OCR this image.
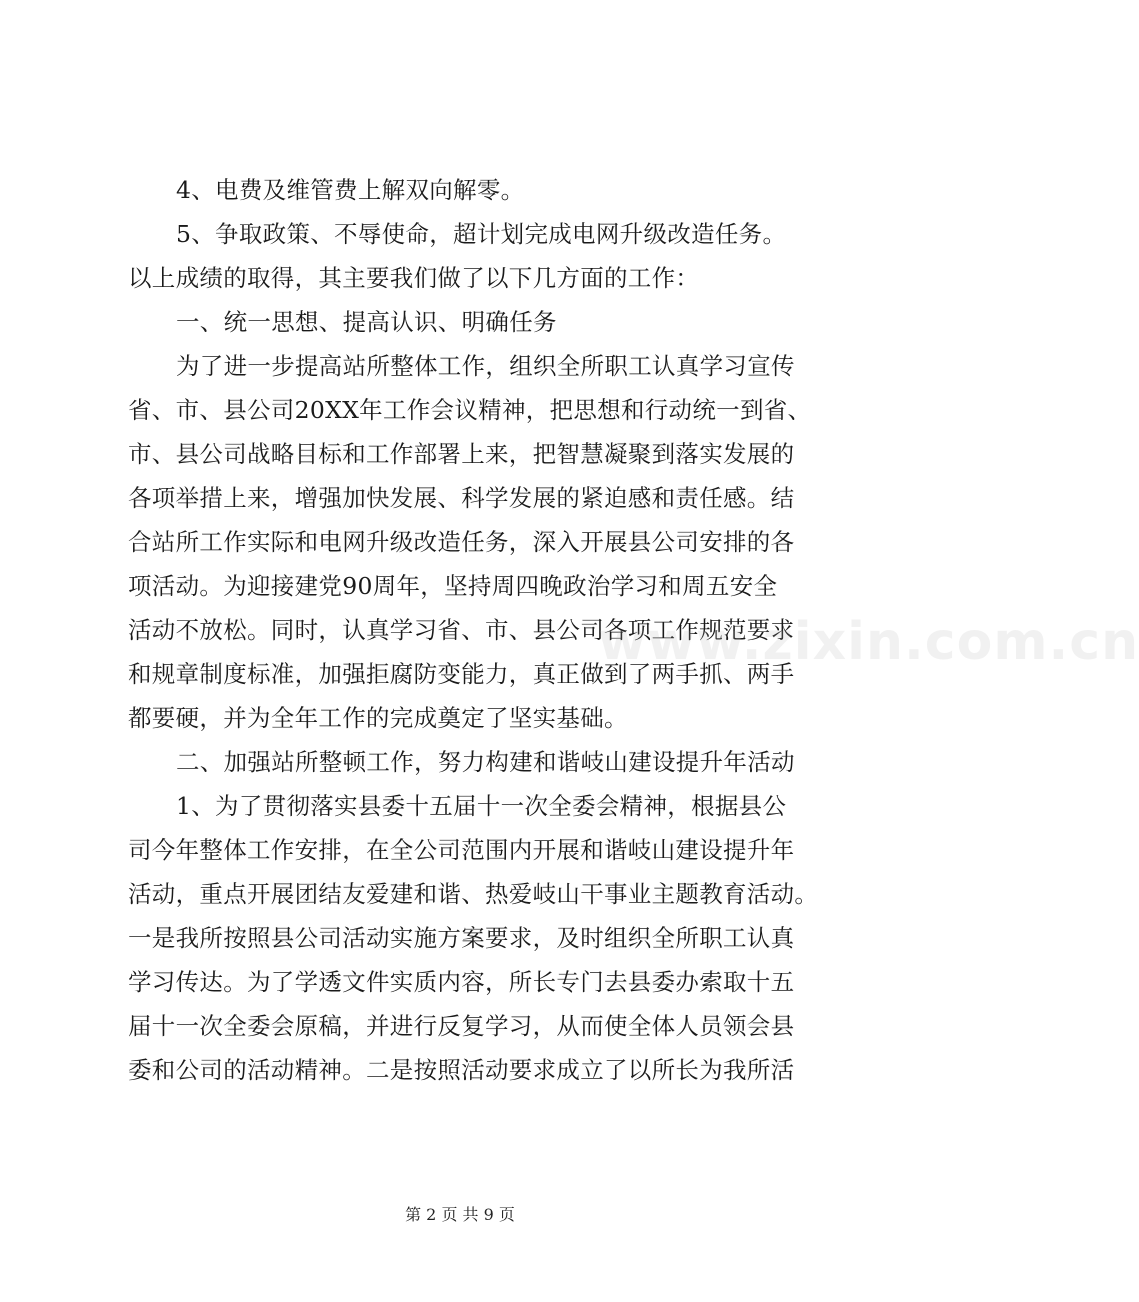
4、电费及维管费上解双向解零。
5、争取政策、不辱使命，超计划完成电网升级改造任务。
以上成绩的取得，其主要我们做了以下几方面的工作：
一、统一思想、提高认识、明确任务
为了进一步提高站所整体工作，组织全所职工认真学习宣传
省、市、县公司20XX年工作会议精神，把思想和行动统一到省、
市、县公司战略目标和工作部署上来，把智慧凝聚到落实发展的
各项举措上来，增强加快发展、科学发展的紧迫感和责任感。结
合站所工作实际和电网升级改造任务，深入开展县公司安排的各
项活动。为迎接建党90周年，坚持周四晚政治学习和周五安全
活动不放松。同时，认真学习省、市、县公司各项工作规范要求
和规章制度标准，加强拒腐防变能力，真正做到了两手抓、两手
都要硬，并为全年工作的完成奠定了坚实基础。
二、加强站所整顿工作，努力构建和谐岐山建设提升年活动
1、为了贯彻落实县委十五届十一次全委会精神，根据县公
司今年整体工作安排，在全公司范围内开展和谐岐山建设提升年
活动，重点开展团结友爱建和谐、热爱岐山干事业主题教育活动。
一是我所按照县公司活动实施方案要求，及时组织全所职工认真
学习传达。为了学透文件实质内容，所长专门去县委办索取十五
届十一次全委会原稿，并进行反复学习，从而使全体人员领会县
委和公司的活动精神。二是按照活动要求成立了以所长为我所活
www.zixin.com.cn
第 2 页 共 9 页
